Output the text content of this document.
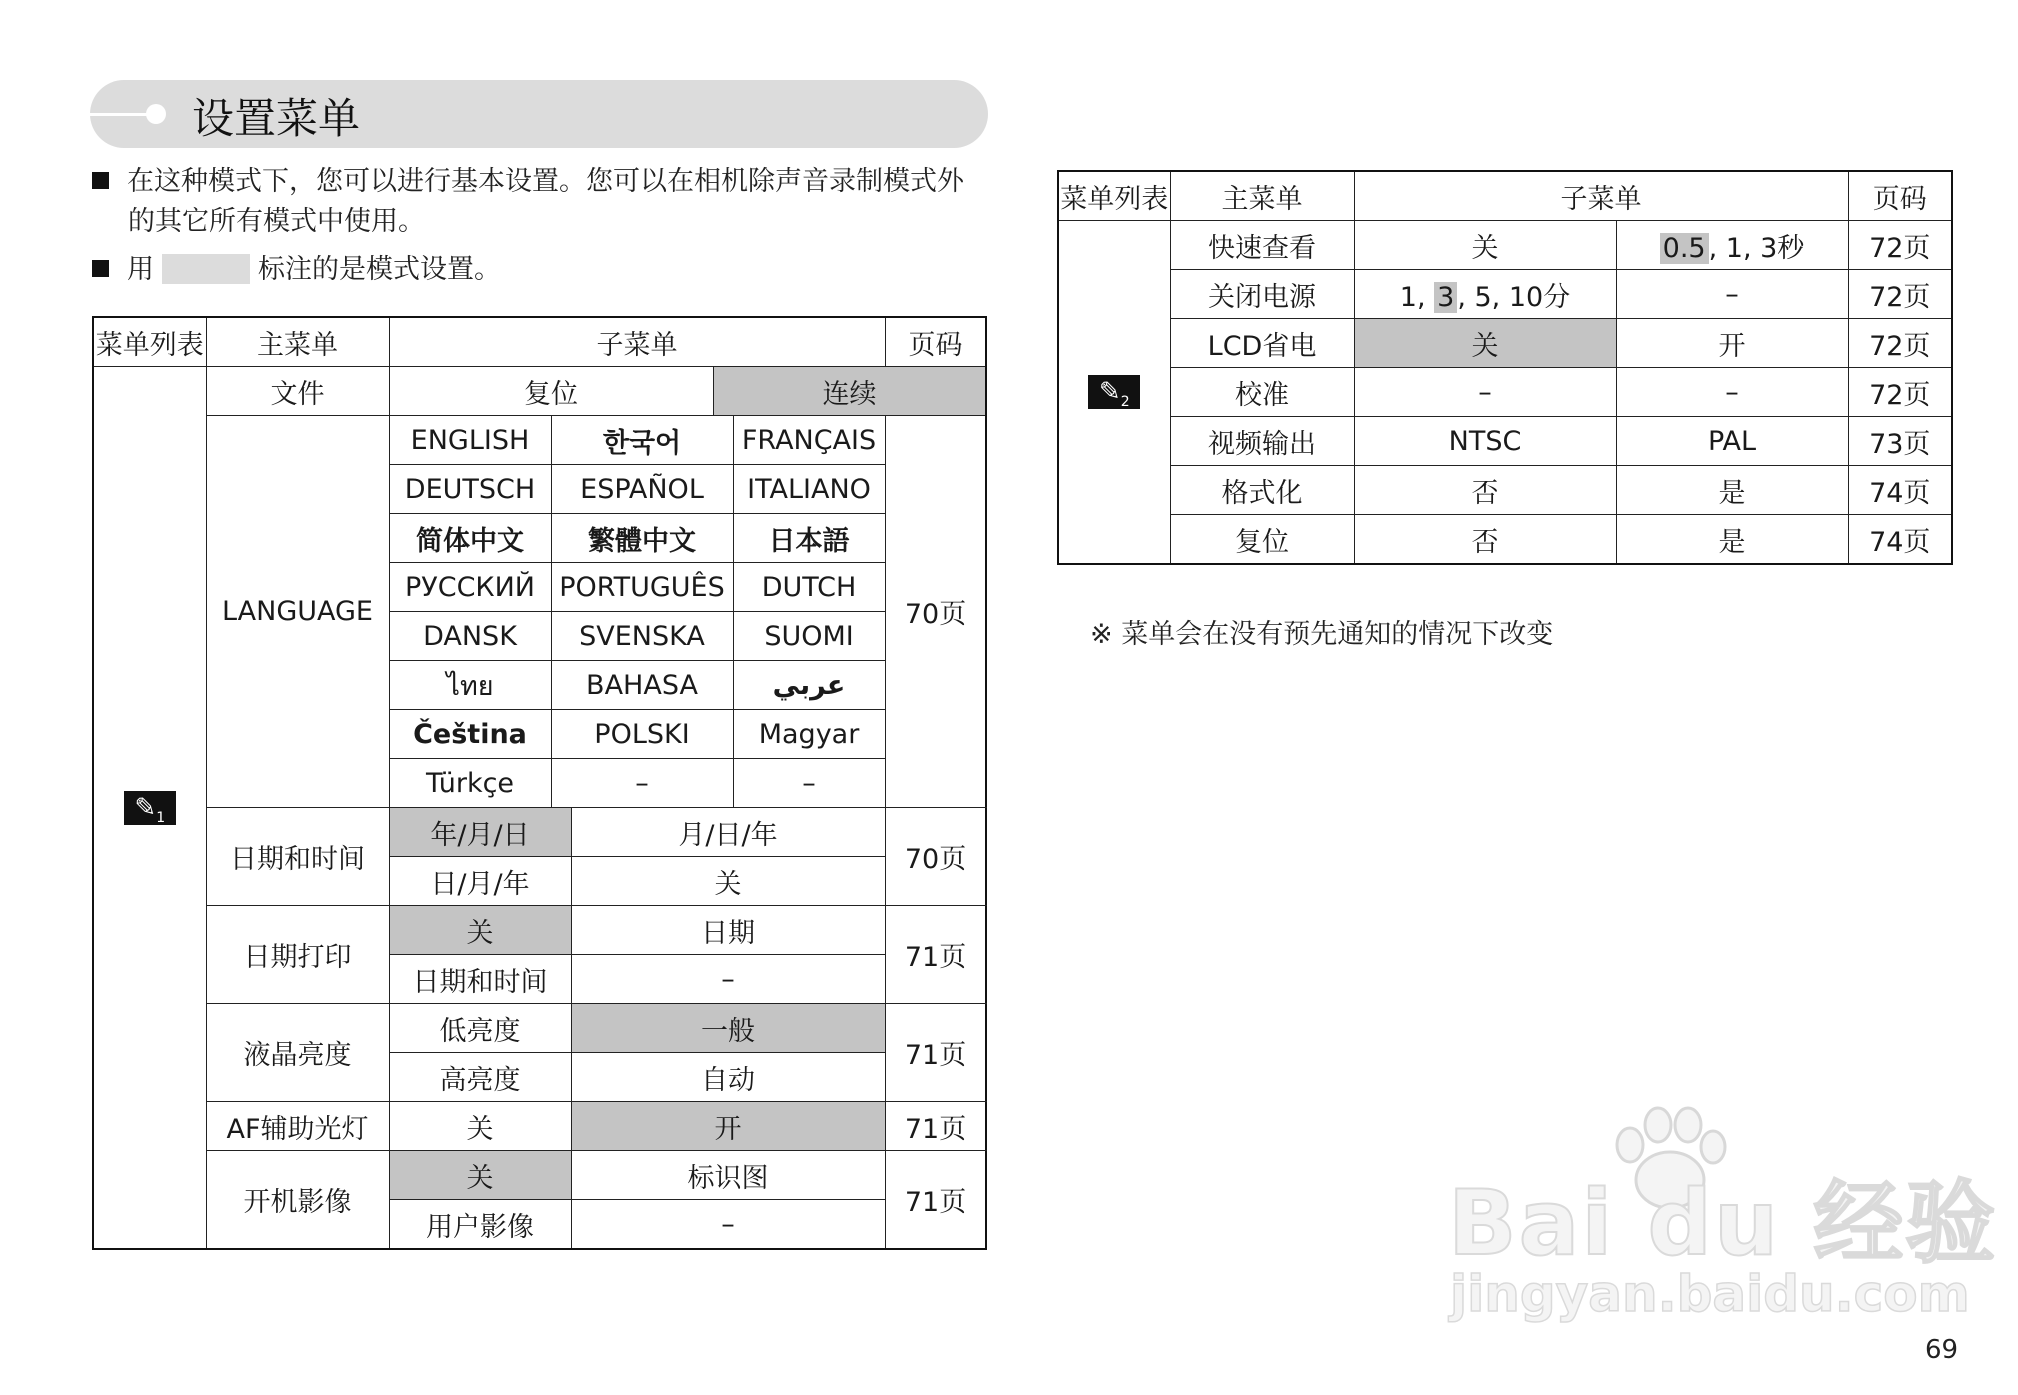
设置菜单
在这种模式下，您可以进行基本设置。您可以在相机除声音录制模式外
的其它所有模式中使用。
用	标注的是模式设置。
菜单列表	主菜单	子菜单					页码	
$✎_1$	文件	复位			连续	
	LANGUAGE	ENGLISH	한국어			FRANÇAIS	70页	
		DEUTSCH	ESPAÑOL			ITALIANO		
		简体中文	繁體中文			日本語		
		РУССКИЙ	PORTUGUÊS			DUTCH		
		DANSK	SVENSKA			SUOMI		
		ไทย	BAHASA			عربي		
		Čeština	POLSKI			Magyar		
		Türkçe	–			–		
	日期和时间	年/月/日		月/日/年			70页	
		日/月/年		关				
	日期打印	关		日期			71页	
		日期和时间		–				
	液晶亮度	低亮度		一般			71页	
		高亮度		自动				
	AF辅助光灯	关		开			71页	
	开机影像	关		标识图			71页	
		用户影像		–				
菜单列表	主菜单	子菜单		页码
$✎_2$	快速查看	关	0.5 , 1, 3秒	72页
	关闭电源	1, 3 , 5, 10分	–	72页
	LCD省电	关	开	72页
	校准	–	–	72页
	视频输出	NTSC	PAL	73页
	格式化	否	是	74页
	复位	否	是	74页
※ 菜单会在没有预先通知的情况下改变
Bai du 经验
jingyan.baidu.com
69
